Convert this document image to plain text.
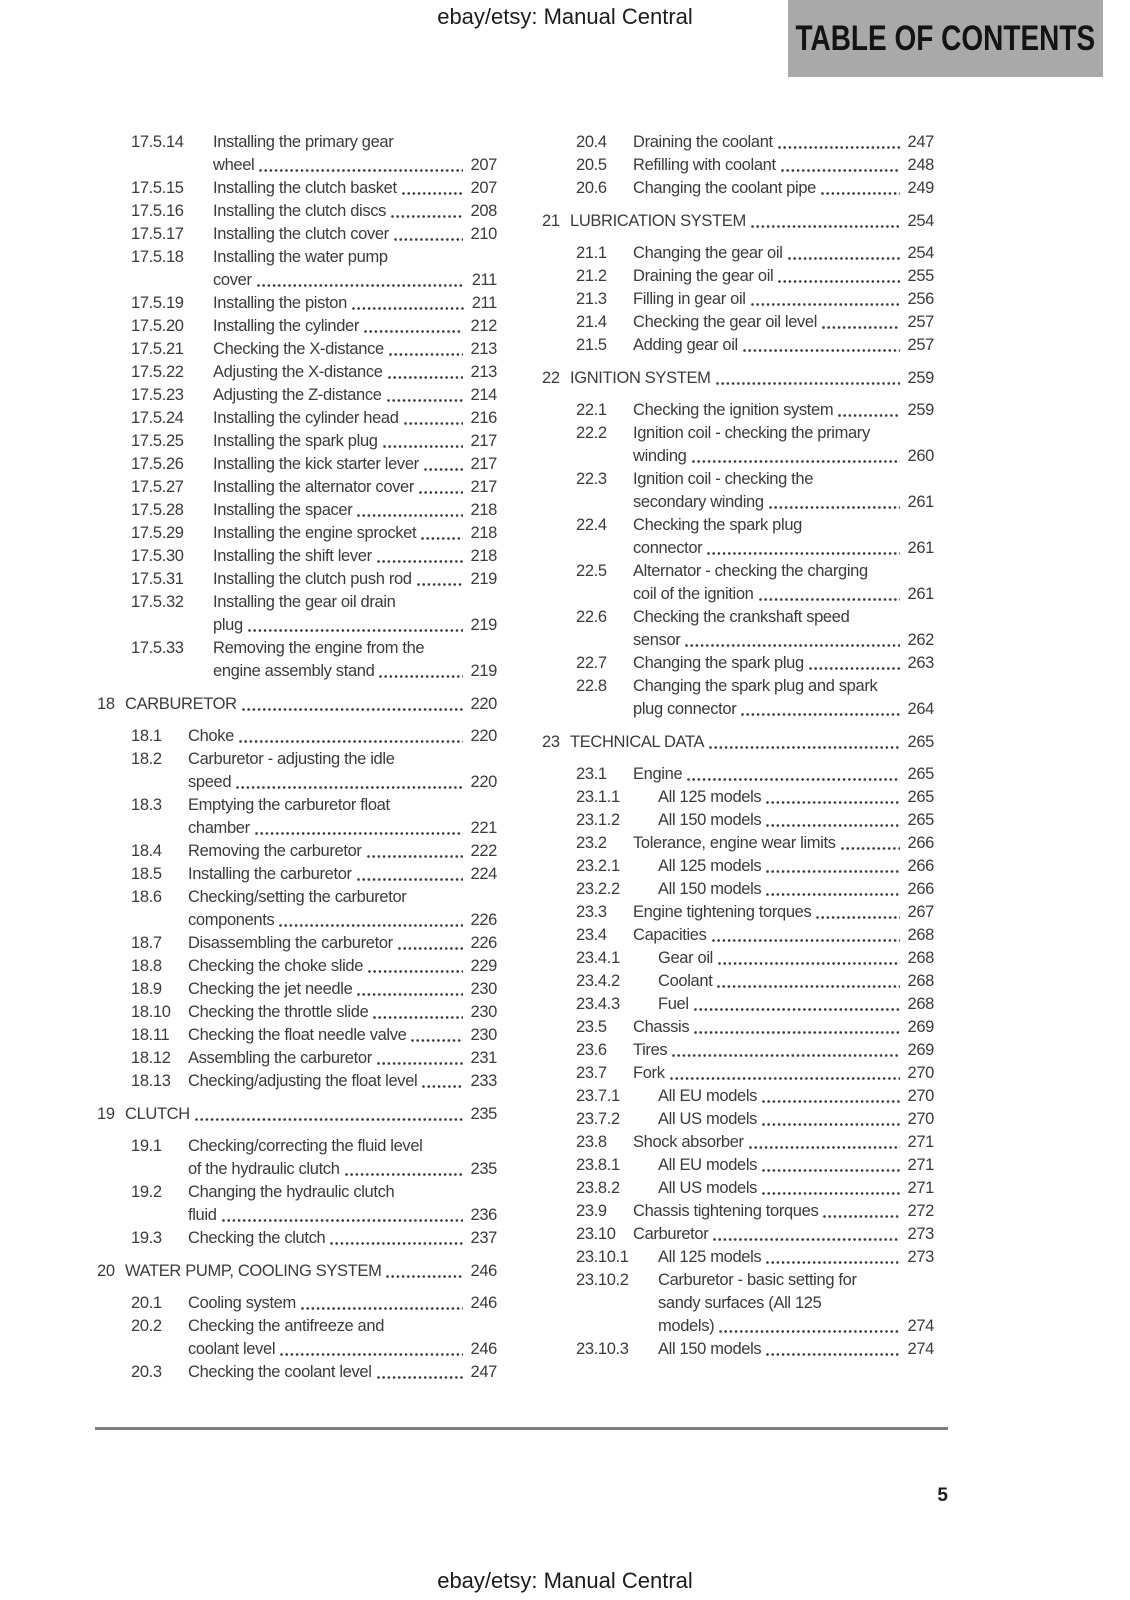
ebay/etsy: Manual Central
TABLE OF CONTENTS
17.5.14	Installing the primary gear
wheel	207
17.5.15	Installing the clutch basket	207
17.5.16	Installing the clutch discs	208
17.5.17	Installing the clutch cover	210
17.5.18	Installing the water pump
cover	211
17.5.19	Installing the piston	211
17.5.20	Installing the cylinder	212
17.5.21	Checking the X-distance	213
17.5.22	Adjusting the X-distance	213
17.5.23	Adjusting the Z-distance	214
17.5.24	Installing the cylinder head	216
17.5.25	Installing the spark plug	217
17.5.26	Installing the kick starter lever	217
17.5.27	Installing the alternator cover	217
17.5.28	Installing the spacer	218
17.5.29	Installing the engine sprocket	218
17.5.30	Installing the shift lever	218
17.5.31	Installing the clutch push rod	219
17.5.32	Installing the gear oil drain
plug	219
17.5.33	Removing the engine from the
engine assembly stand	219
18 CARBURETOR	220
18.1	Choke	220
18.2	Carburetor - adjusting the idle
speed	220
18.3	Emptying the carburetor float
chamber	221
18.4	Removing the carburetor	222
18.5	Installing the carburetor	224
18.6	Checking/setting the carburetor
components	226
18.7	Disassembling the carburetor	226
18.8	Checking the choke slide	229
18.9	Checking the jet needle	230
18.10	Checking the throttle slide	230
18.11	Checking the float needle valve	230
18.12	Assembling the carburetor	231
18.13	Checking/adjusting the float level	233
19 CLUTCH	235
19.1	Checking/correcting the fluid level
of the hydraulic clutch	235
19.2	Changing the hydraulic clutch
fluid	236
19.3	Checking the clutch	237
20 WATER PUMP, COOLING SYSTEM	246
20.1	Cooling system	246
20.2	Checking the antifreeze and
coolant level	246
20.3	Checking the coolant level	247
20.4	Draining the coolant	247
20.5	Refilling with coolant	248
20.6	Changing the coolant pipe	249
21 LUBRICATION SYSTEM	254
21.1	Changing the gear oil	254
21.2	Draining the gear oil	255
21.3	Filling in gear oil	256
21.4	Checking the gear oil level	257
21.5	Adding gear oil	257
22 IGNITION SYSTEM	259
22.1	Checking the ignition system	259
22.2	Ignition coil - checking the primary
winding	260
22.3	Ignition coil - checking the
secondary winding	261
22.4	Checking the spark plug
connector	261
22.5	Alternator - checking the charging
coil of the ignition	261
22.6	Checking the crankshaft speed
sensor	262
22.7	Changing the spark plug	263
22.8	Changing the spark plug and spark
plug connector	264
23 TECHNICAL DATA	265
23.1	Engine	265
23.1.1	All 125 models	265
23.1.2	All 150 models	265
23.2	Tolerance, engine wear limits	266
23.2.1	All 125 models	266
23.2.2	All 150 models	266
23.3	Engine tightening torques	267
23.4	Capacities	268
23.4.1	Gear oil	268
23.4.2	Coolant	268
23.4.3	Fuel	268
23.5	Chassis	269
23.6	Tires	269
23.7	Fork	270
23.7.1	All EU models	270
23.7.2	All US models	270
23.8	Shock absorber	271
23.8.1	All EU models	271
23.8.2	All US models	271
23.9	Chassis tightening torques	272
23.10	Carburetor	273
23.10.1	All 125 models	273
23.10.2	Carburetor - basic setting for
sandy surfaces (All 125
models)	274
23.10.3	All 150 models	274
5
ebay/etsy: Manual Central
